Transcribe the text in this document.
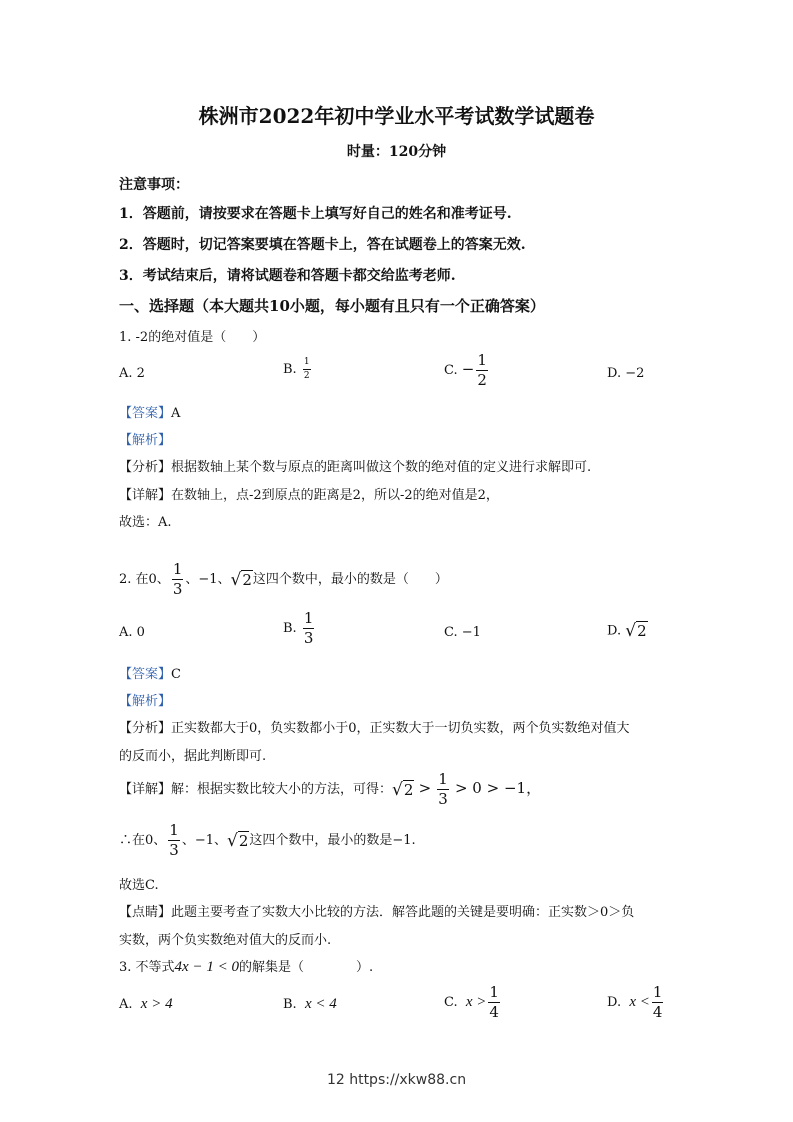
株洲市2022年初中学业水平考试数学试题卷
时量：120分钟
注意事项：
1．答题前，请按要求在答题卡上填写好自己的姓名和准考证号.
2．答题时，切记答案要填在答题卡上，答在试题卷上的答案无效.
3．考试结束后，请将试题卷和答题卡都交给监考老师.
一、选择题（本大题共10小题，每小题有且只有一个正确答案）
1. -2的绝对值是（　　）
A. 2	B. $\frac{1}{2}$	C. − $\frac{1}{2}$	D. −2
【答案】A
【解析】
【分析】根据数轴上某个数与原点的距离叫做这个数的绝对值的定义进行求解即可.
【详解】在数轴上，点-2到原点的距离是2，所以-2的绝对值是2，
故选：A.
2. 在0、 $\frac{1}{3}$ 、−1、√2这四个数中，最小的数是（　　）
A. 0	B. $\frac{1}{3}$	C. −1	D. √2
【答案】C
【解析】
【分析】正实数都大于0，负实数都小于0，正实数大于一切负实数，两个负实数绝对值大
的反而小，据此判断即可.
【详解】解：根据实数比较大小的方法，可得：$√2 > \frac{1}{3} > 0 > -1$，
∴在0、 $\frac{1}{3}$ 、−1、√2这四个数中，最小的数是−1.
故选C.
【点睛】此题主要考查了实数大小比较的方法．解答此题的关键是要明确：正实数＞0＞负
实数，两个负实数绝对值大的反而小.
3. 不等式4x − 1 < 0的解集是（　　　　）.
A. x > 4	B. x < 4	C. $x > \frac{1}{4}$	D. $x < \frac{1}{4}$
12 https://xkw88.cn
